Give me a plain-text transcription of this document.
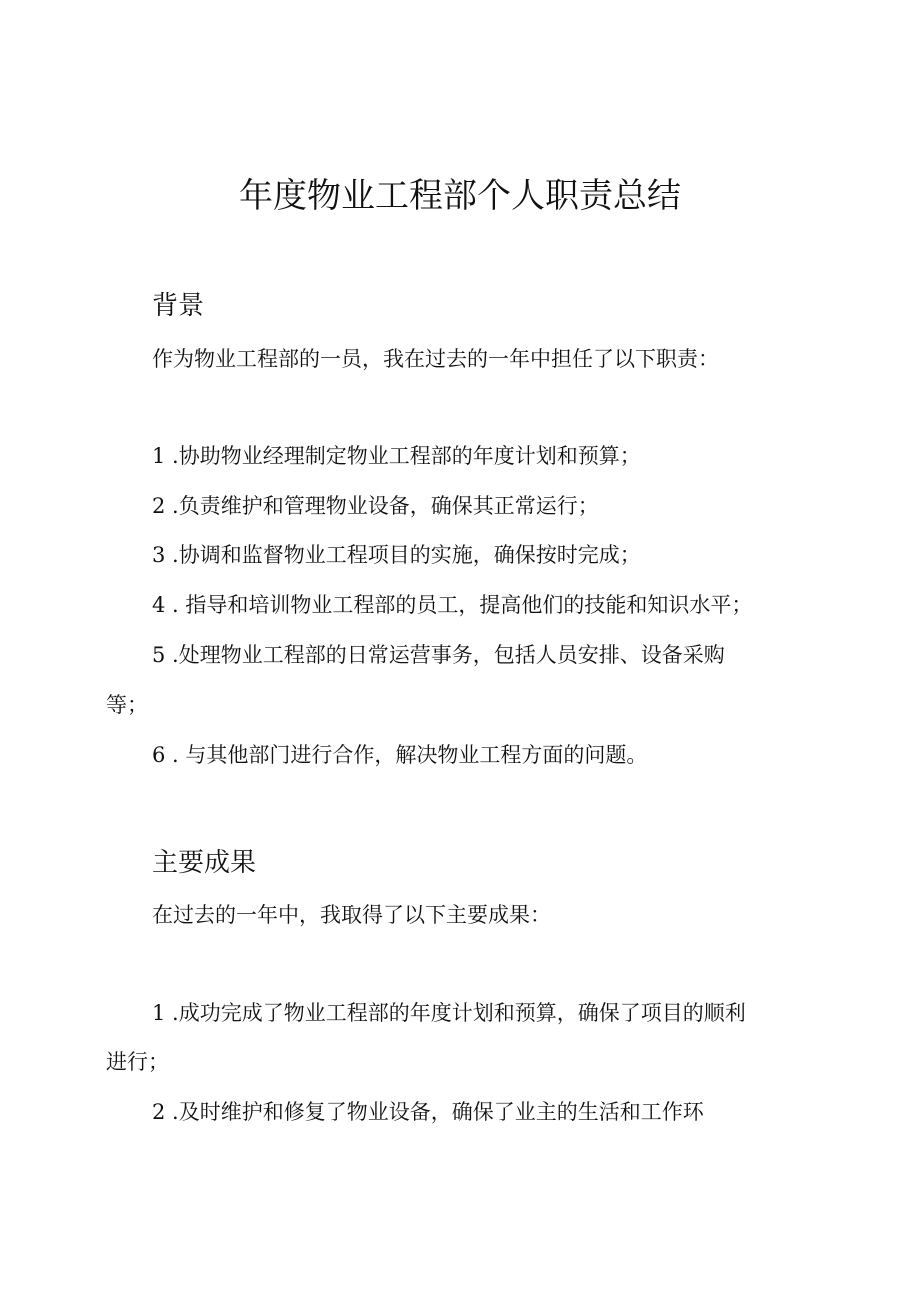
年度物业工程部个人职责总结
背景
作为物业工程部的一员，我在过去的一年中担任了以下职责：
1 .协助物业经理制定物业工程部的年度计划和预算；
2 .负责维护和管理物业设备，确保其正常运行；
3 .协调和监督物业工程项目的实施，确保按时完成；
4 . 指导和培训物业工程部的员工，提高他们的技能和知识水平；
5 .处理物业工程部的日常运营事务，包括人员安排、设备采购
等；
6 . 与其他部门进行合作，解决物业工程方面的问题。
主要成果
在过去的一年中，我取得了以下主要成果：
1 .成功完成了物业工程部的年度计划和预算，确保了项目的顺利
进行；
2 .及时维护和修复了物业设备，确保了业主的生活和工作环
